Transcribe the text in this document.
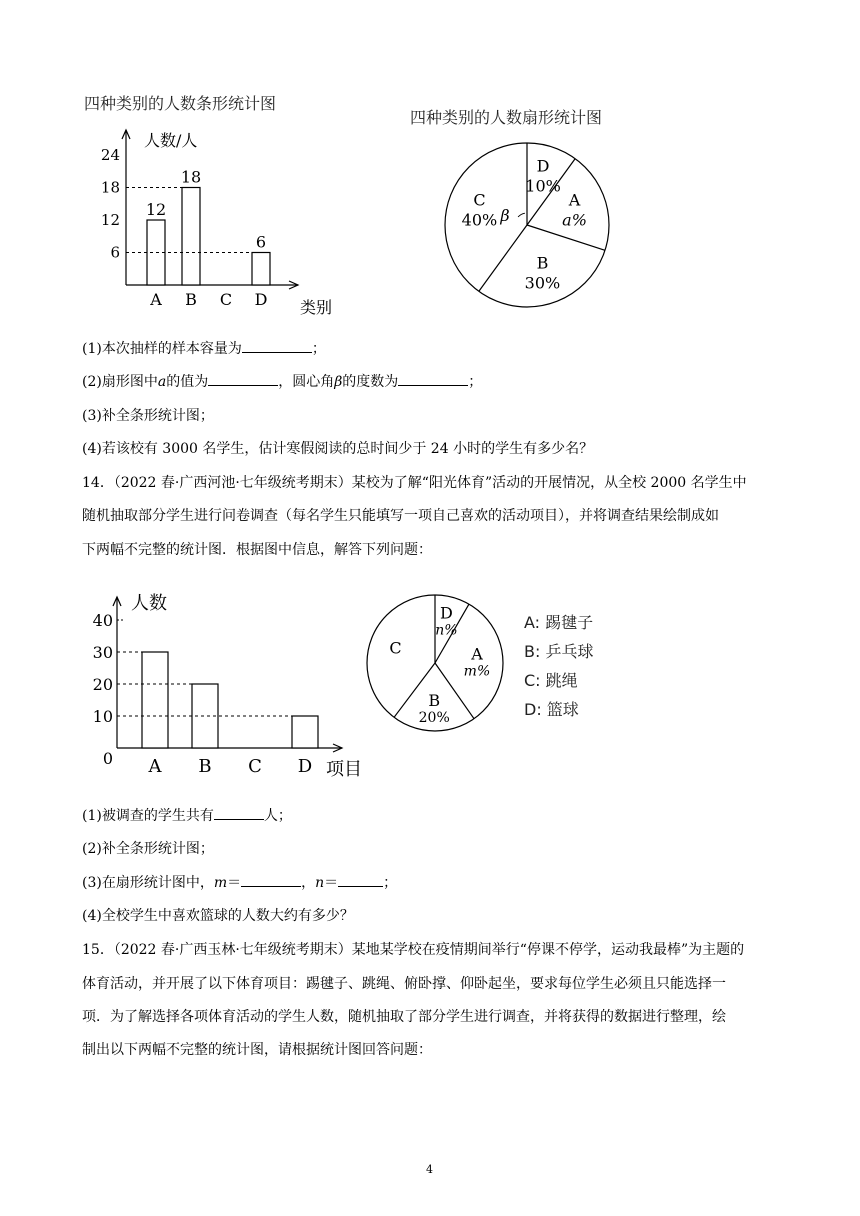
四种类别的人数条形统计图
人数/人
类别
6
12
18
24
12
A
18
B C
6
D
四种类别的人数扇形统计图
D
10%
A
a%
B
30%
C
40% β
(1)本次抽样的样本容量为	；
(2)扇形图中a的值为	，圆心角β的度数为	；
(3)补全条形统计图；
(4)若该校有 3000 名学生，估计寒假阅读的总时间少于 24 小时的学生有多少名？
14．（2022 春·广西河池·七年级统考期末）某校为了解“阳光体育”活动的开展情况，从全校 2000 名学生中
随机抽取部分学生进行问卷调查（每名学生只能填写一项自己喜欢的活动项目），并将调查结果绘制成如
下两幅不完整的统计图．根据图中信息，解答下列问题：
人数
项目
0
10
20
30
40
A B C D
D
n%
A
m%
B
20%
C
A: 踢毽子
B: 乒乓球
C: 跳绳
D: 篮球
(1)被调查的学生共有	人；
(2)补全条形统计图；
(3)在扇形统计图中，m＝	，n＝	；
(4)全校学生中喜欢篮球的人数大约有多少？
15．（2022 春·广西玉林·七年级统考期末）某地某学校在疫情期间举行“停课不停学，运动我最棒”为主题的
体育活动，并开展了以下体育项目：踢毽子、跳绳、俯卧撑、仰卧起坐，要求每位学生必须且只能选择一
项．为了解选择各项体育活动的学生人数，随机抽取了部分学生进行调查，并将获得的数据进行整理，绘
制出以下两幅不完整的统计图，请根据统计图回答问题：
4
